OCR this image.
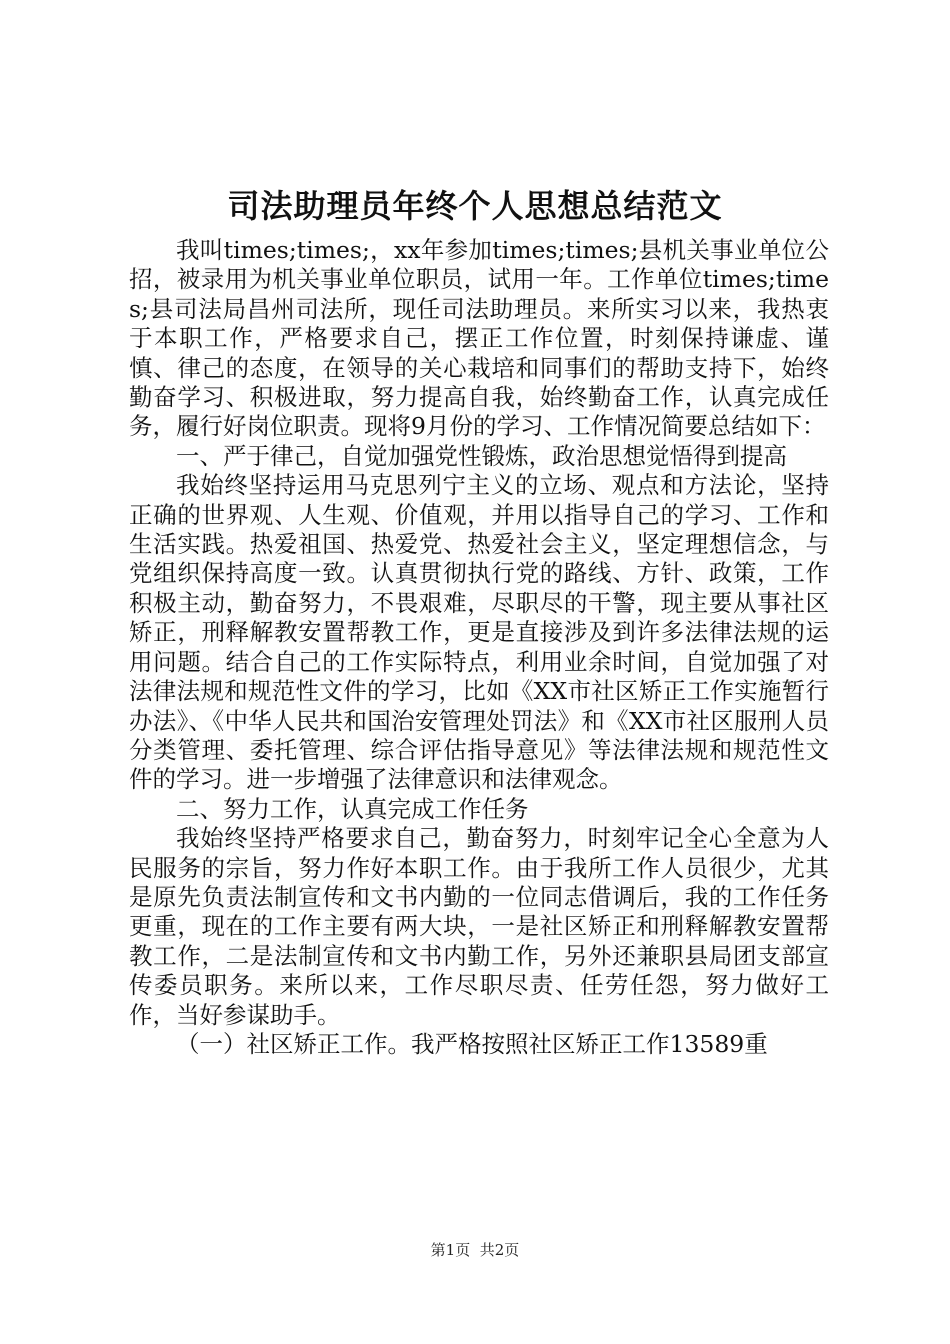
司法助理员年终个人思想总结范文

我叫times;times;，xx年参加times;times;县机关事业单位公招，被录用为机关事业单位职员，试用一年。工作单位times;times;县司法局昌州司法所，现任司法助理员。来所实习以来，我热衷于本职工作，严格要求自己，摆正工作位置，时刻保持谦虚、谨慎、律己的态度，在领导的关心栽培和同事们的帮助支持下，始终勤奋学习、积极进取，努力提高自我，始终勤奋工作，认真完成任务，履行好岗位职责。现将9月份的学习、工作情况简要总结如下：

一、严于律己，自觉加强党性锻炼，政治思想觉悟得到提高

我始终坚持运用马克思列宁主义的立场、观点和方法论，坚持正确的世界观、人生观、价值观，并用以指导自己的学习、工作和生活实践。热爱祖国、热爱党、热爱社会主义，坚定理想信念，与党组织保持高度一致。认真贯彻执行党的路线、方针、政策，工作积极主动，勤奋努力，不畏艰难，尽职尽的干警，现主要从事社区矫正，刑释解教安置帮教工作，更是直接涉及到许多法律法规的运用问题。结合自己的工作实际特点，利用业余时间，自觉加强了对法律法规和规范性文件的学习，比如《XX市社区矫正工作实施暂行办法》、《中华人民共和国治安管理处罚法》和《XX市社区服刑人员分类管理、委托管理、综合评估指导意见》等法律法规和规范性文件的学习。进一步增强了法律意识和法律观念。

二、努力工作，认真完成工作任务

我始终坚持严格要求自己，勤奋努力，时刻牢记全心全意为人民服务的宗旨，努力作好本职工作。由于我所工作人员很少，尤其是原先负责法制宣传和文书内勤的一位同志借调后，我的工作任务更重，现在的工作主要有两大块，一是社区矫正和刑释解教安置帮教工作，二是法制宣传和文书内勤工作，另外还兼职县局团支部宣传委员职务。来所以来，工作尽职尽责、任劳任怨，努力做好工作，当好参谋助手。

（一）社区矫正工作。我严格按照社区矫正工作13589重

第1页 共2页
